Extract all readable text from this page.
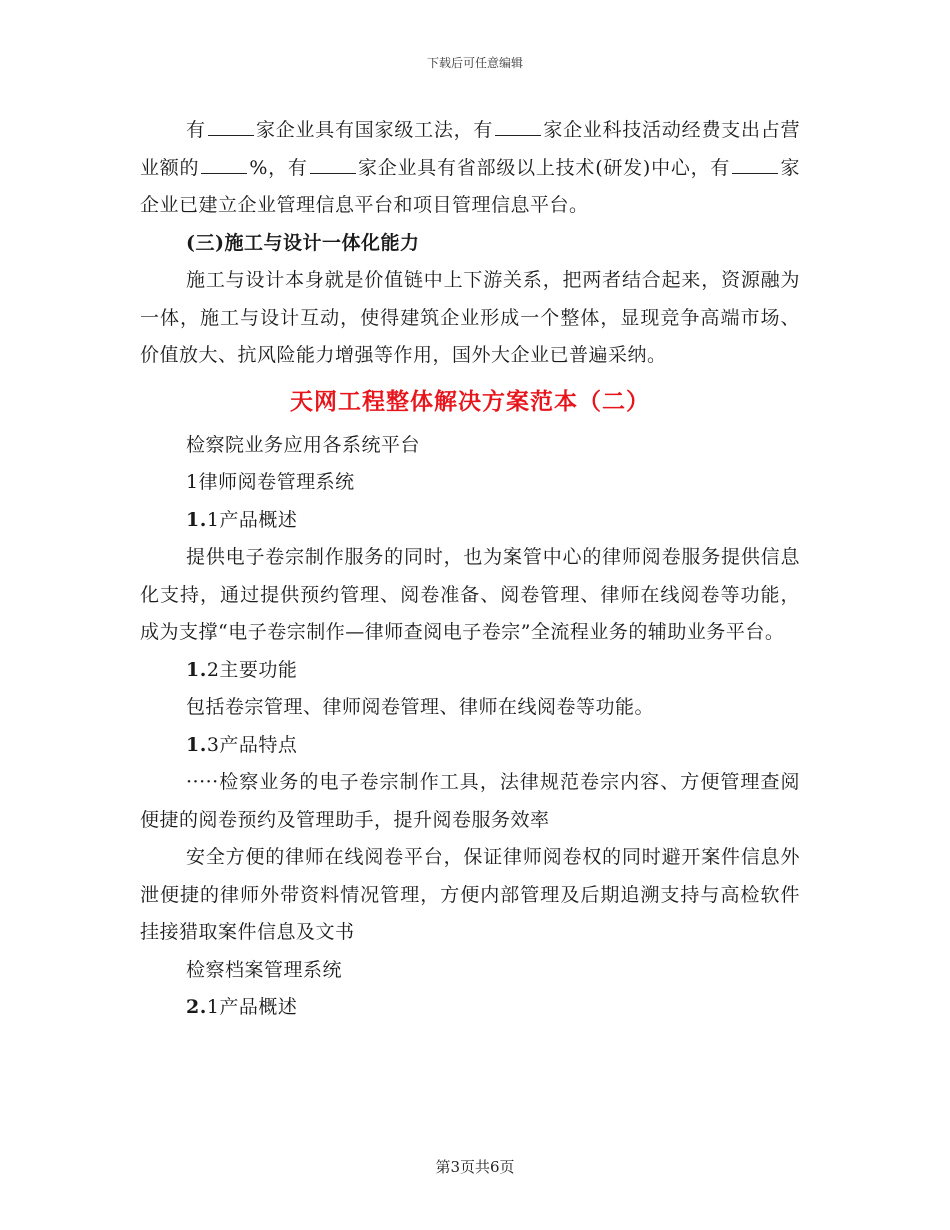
下载后可任意编辑

有	家企业具有国家级工法，有	家企业科技活动经费支出占营业额的	%，有	家企业具有省部级以上技术(研发)中心，有	家企业已建立企业管理信息平台和项目管理信息平台。

(三)施工与设计一体化能力

施工与设计本身就是价值链中上下游关系，把两者结合起来，资源融为一体，施工与设计互动，使得建筑企业形成一个整体，显现竞争高端市场、价值放大、抗风险能力增强等作用，国外大企业已普遍采纳。

天网工程整体解决方案范本（二）

检察院业务应用各系统平台

1律师阅卷管理系统

1.1产品概述

提供电子卷宗制作服务的同时，也为案管中心的律师阅卷服务提供信息化支持，通过提供预约管理、阅卷准备、阅卷管理、律师在线阅卷等功能，成为支撑“电子卷宗制作—律师查阅电子卷宗”全流程业务的辅助业务平台。

1.2主要功能

包括卷宗管理、律师阅卷管理、律师在线阅卷等功能。

1.3产品特点

·····检察业务的电子卷宗制作工具，法律规范卷宗内容、方便管理查阅便捷的阅卷预约及管理助手，提升阅卷服务效率

安全方便的律师在线阅卷平台，保证律师阅卷权的同时避开案件信息外泄便捷的律师外带资料情况管理，方便内部管理及后期追溯支持与高检软件挂接猎取案件信息及文书

检察档案管理系统

2.1产品概述

第3页共6页
